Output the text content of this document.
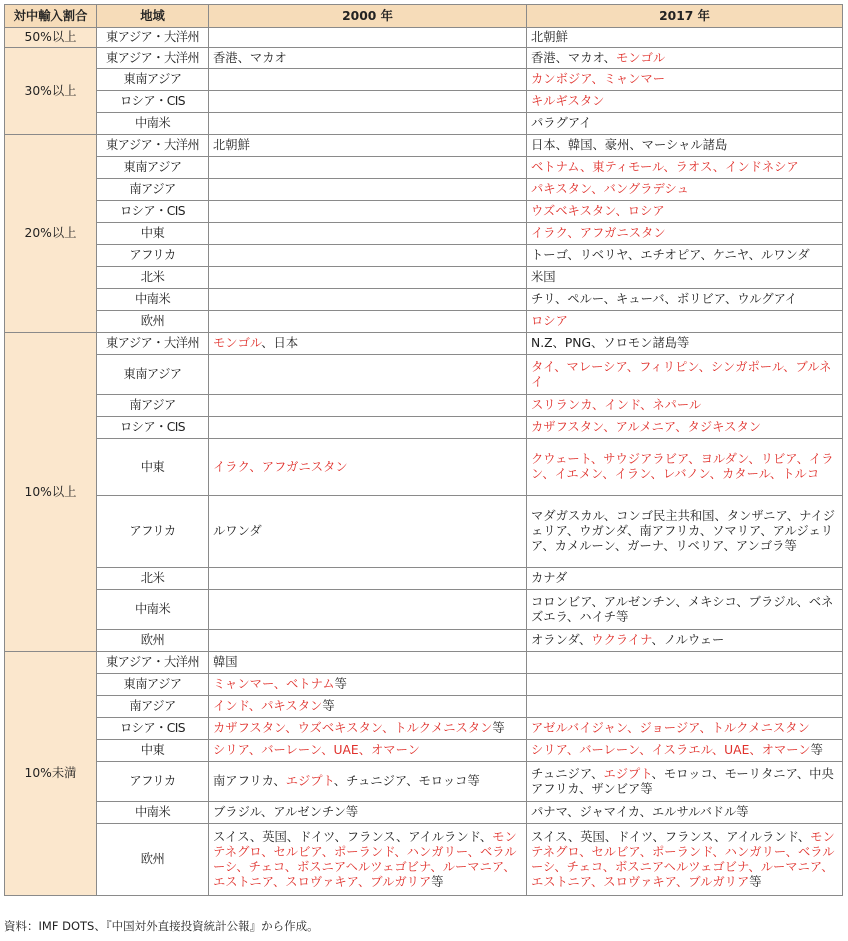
対中輸入割合	地域	2000 年	2017 年
50%以上	東アジア・大洋州		北朝鮮
30%以上	東アジア・大洋州	香港、マカオ	香港、マカオ、モンゴル
	東南アジア		カンボジア、ミャンマー
	ロシア・CIS		キルギスタン
	中南米		パラグアイ
20%以上	東アジア・大洋州	北朝鮮	日本、韓国、豪州、マーシャル諸島
	東南アジア		ベトナム、東ティモール、ラオス、インドネシア
	南アジア		パキスタン、バングラデシュ
	ロシア・CIS		ウズベキスタン、ロシア
	中東		イラク、アフガニスタン
	アフリカ		トーゴ、リベリヤ、エチオピア、ケニヤ、ルワンダ
	北米		米国
	中南米		チリ、ペルー、キューバ、ボリビア、ウルグアイ
	欧州		ロシア
10%以上	東アジア・大洋州	モンゴル、日本	N.Z、PNG、ソロモン諸島等
	東南アジア		タイ、マレーシア、フィリピン、シンガポール、ブルネイ
	南アジア		スリランカ、インド、ネパール
	ロシア・CIS		カザフスタン、アルメニア、タジキスタン
	中東	イラク、アフガニスタン	クウェート、サウジアラビア、ヨルダン、リビア、イラン、イエメン、イラン、レバノン、カタール、トルコ
	アフリカ	ルワンダ	マダガスカル、コンゴ民主共和国、タンザニア、ナイジェリア、ウガンダ、南アフリカ、ソマリア、アルジェリア、カメルーン、ガーナ、リベリア、アンゴラ等
	北米		カナダ
	中南米		コロンビア、アルゼンチン、メキシコ、ブラジル、ベネズエラ、ハイチ等
	欧州		オランダ、ウクライナ、ノルウェー
10%未満	東アジア・大洋州	韓国	
	東南アジア	ミャンマー、ベトナム等	
	南アジア	インド、パキスタン等	
	ロシア・CIS	カザフスタン、ウズベキスタン、トルクメニスタン等	アゼルバイジャン、ジョージア、トルクメニスタン
	中東	シリア、バーレーン、UAE、オマーン	シリア、バーレーン、イスラエル、UAE、オマーン等
	アフリカ	南アフリカ、エジプト、チュニジア、モロッコ等	チュニジア、エジプト、モロッコ、モーリタニア、中央アフリカ、ザンビア等
	中南米	ブラジル、アルゼンチン等	パナマ、ジャマイカ、エルサルバドル等
	欧州	スイス、英国、ドイツ、フランス、アイルランド、モンテネグロ、セルビア、ポーランド、ハンガリー、ベラルーシ、チェコ、ボスニアヘルツェゴビナ、ルーマニア、エストニア、スロヴァキア、ブルガリア等	スイス、英国、ドイツ、フランス、アイルランド、モンテネグロ、セルビア、ポーランド、ハンガリー、ベラルーシ、チェコ、ボスニアヘルツェゴビナ、ルーマニア、エストニア、スロヴァキア、ブルガリア等
資料：IMF DOTS、『中国対外直接投資統計公報』から作成。
